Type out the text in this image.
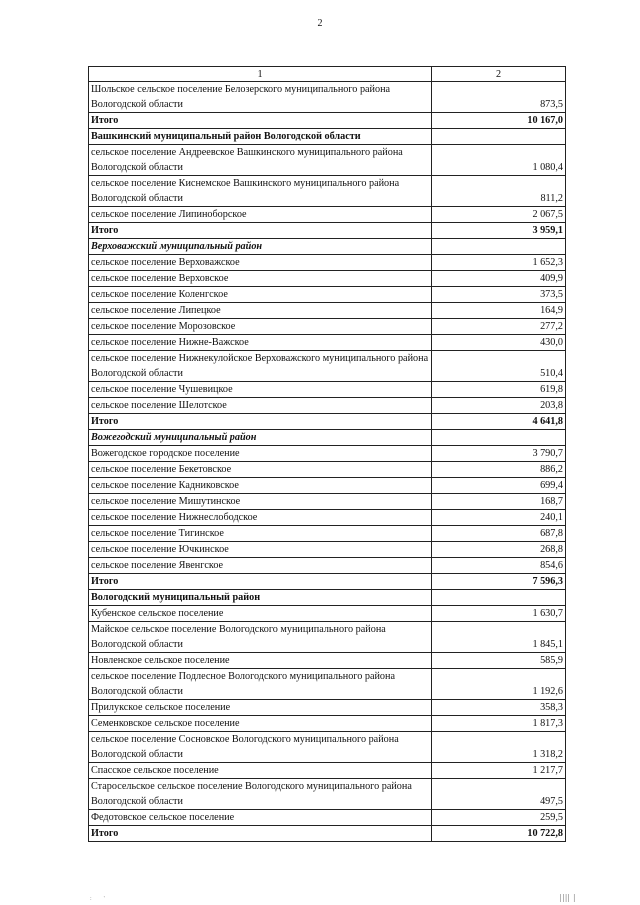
2
1	2
Шольское сельское поселение Белозерского муниципального района Вологодской области	873,5
Итого	10 167,0
Вашкинский муниципальный район Вологодской области	
сельское поселение Андреевское Вашкинского муниципального района Вологодской области	1 080,4
сельское поселение Киснемское Вашкинского муниципального района Вологодской области	811,2
сельское поселение Липиноборское	2 067,5
Итого	3 959,1
Верховажский муниципальный район	
сельское поселение Верховажское	1 652,3
сельское поселение Верховское	409,9
сельское поселение Коленгское	373,5
сельское поселение Липецкое	164,9
сельское поселение Морозовское	277,2
сельское поселение Нижне-Важское	430,0
сельское поселение Нижнекулойское Верховажского муниципального района Вологодской области	510,4
сельское поселение Чушевицкое	619,8
сельское поселение Шелотское	203,8
Итого	4 641,8
Вожегодский муниципальный район	
Вожегодское городское поселение	3 790,7
сельское поселение Бекетовское	886,2
сельское поселение Кадниковское	699,4
сельское поселение Мишутинское	168,7
сельское поселение Нижнеслободское	240,1
сельское поселение Тигинское	687,8
сельское поселение Ючкинское	268,8
сельское поселение Явенгское	854,6
Итого	7 596,3
Вологодский муниципальный район	
Кубенское сельское поселение	1 630,7
Майское сельское поселение Вологодского муниципального района Вологодской области	1 845,1
Новленское сельское поселение	585,9
сельское поселение Подлесное Вологодского муниципального района Вологодской области	1 192,6
Прилукское сельское поселение	358,3
Семенковское сельское поселение	1 817,3
сельское поселение Сосновское Вологодского муниципального района Вологодской области	1 318,2
Спасское сельское поселение	1 217,7
Старосельское сельское поселение Вологодского муниципального района Вологодской области	497,5
Федотовское сельское поселение	259,5
Итого	10 722,8
:        '	|||| |
